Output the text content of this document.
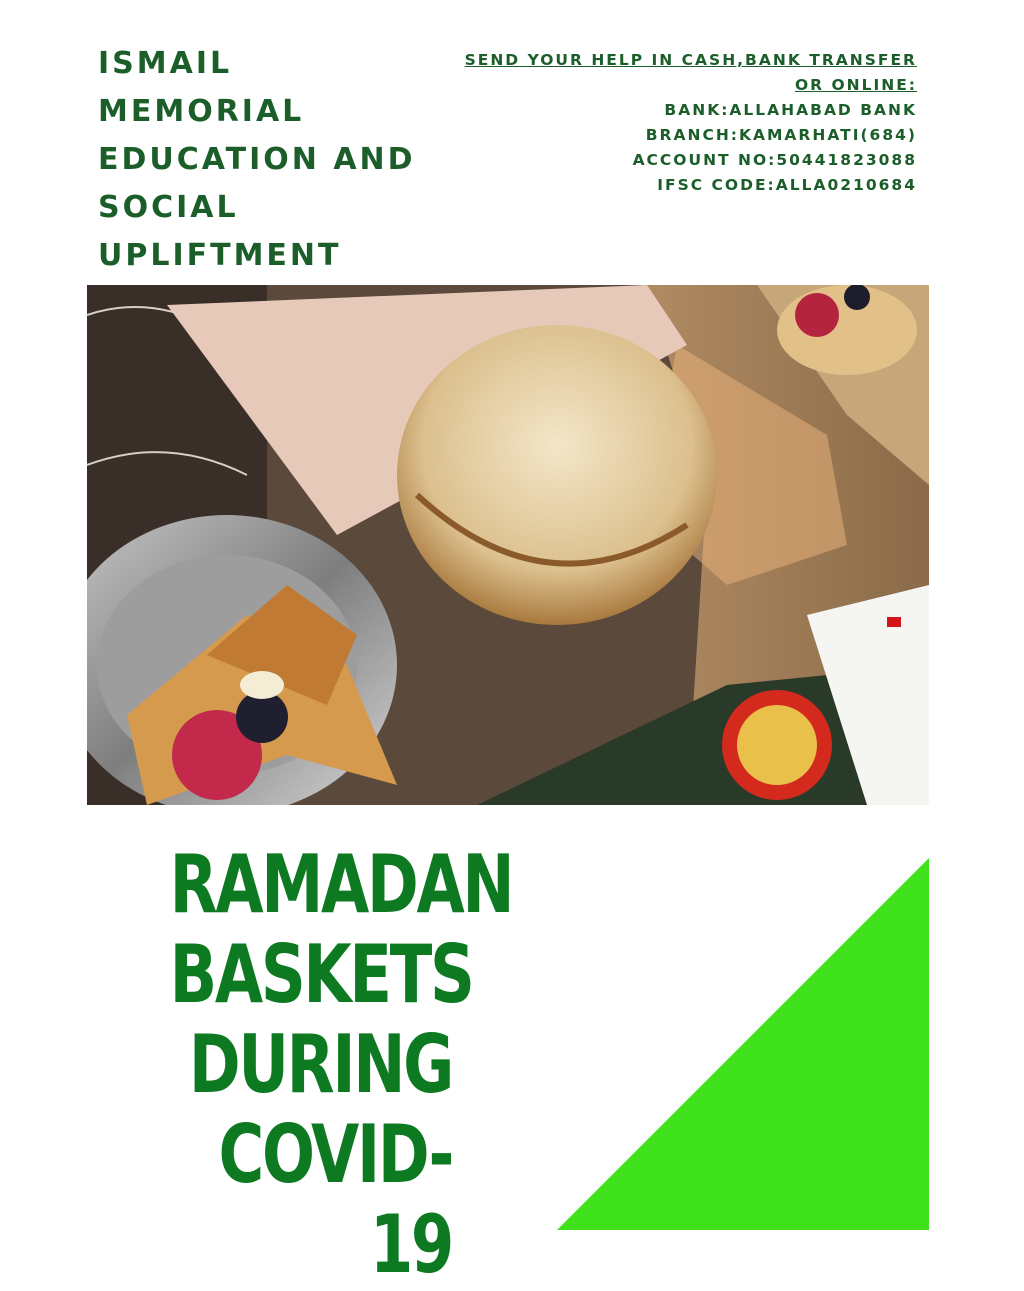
ISMAIL
MEMORIAL
EDUCATION AND
SOCIAL
UPLIFTMENT
SEND YOUR HELP IN CASH,BANK TRANSFER
OR ONLINE:
BANK:ALLAHABAD BANK
BRANCH:KAMARHATI(684)
ACCOUNT NO:50441823088
IFSC CODE:ALLA0210684
RAMADAN
BASKETS
DURING
COVID-19
